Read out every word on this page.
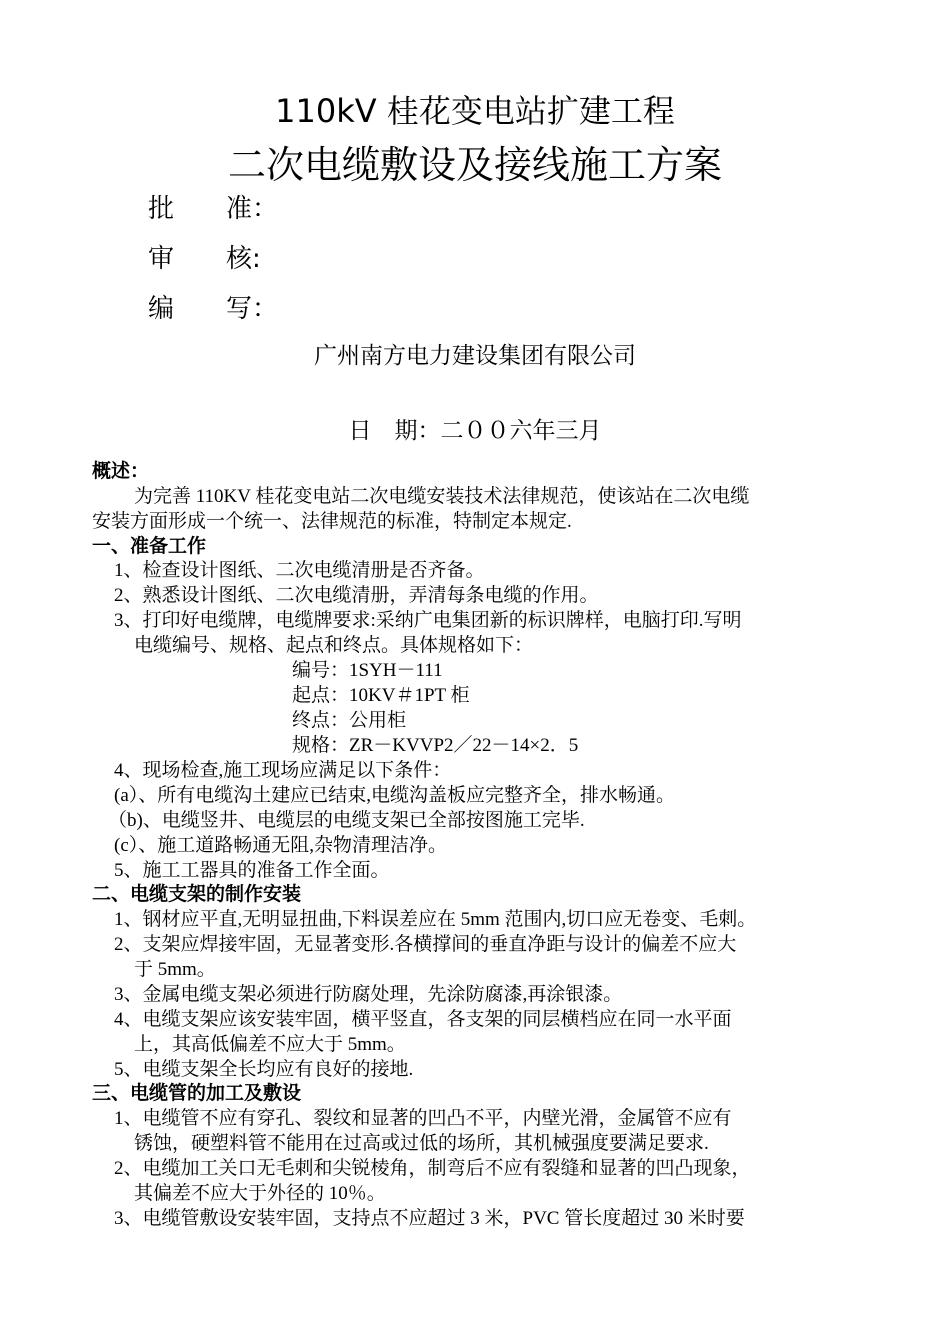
110kV 桂花变电站扩建工程
二次电缆敷设及接线施工方案
批　　准：
审　　核:
编　　写：
广州南方电力建设集团有限公司
日　期：二００六年三月
概述：
为完善 110KV 桂花变电站二次电缆安装技术法律规范，使该站在二次电缆
安装方面形成一个统一、法律规范的标准，特制定本规定.
一、准备工作
1、检查设计图纸、二次电缆清册是否齐备。
2、熟悉设计图纸、二次电缆清册，弄清每条电缆的作用。
3、打印好电缆牌，电缆牌要求:采纳广电集团新的标识牌样，电脑打印.写明
电缆编号、规格、起点和终点。具体规格如下：
编号：1SYH－111
起点：10KV＃1PT 柜
终点：公用柜
规格：ZR－KVVP2／22－14×2．5
4、现场检查,施工现场应满足以下条件：
(a）、所有电缆沟土建应已结束,电缆沟盖板应完整齐全，排水畅通。
（b)、电缆竖井、电缆层的电缆支架已全部按图施工完毕.
(c）、施工道路畅通无阻,杂物清理洁净。
5、施工工器具的准备工作全面。
二、电缆支架的制作安装
1、钢材应平直,无明显扭曲,下料误差应在 5mm 范围内,切口应无卷变、毛刺。
2、支架应焊接牢固，无显著变形.各横撑间的垂直净距与设计的偏差不应大
于 5mm。
3、金属电缆支架必须进行防腐处理，先涂防腐漆,再涂银漆。
4、电缆支架应该安装牢固，横平竖直，各支架的同层横档应在同一水平面
上，其高低偏差不应大于 5mm。
5、电缆支架全长均应有良好的接地.
三、电缆管的加工及敷设
1、电缆管不应有穿孔、裂纹和显著的凹凸不平，内壁光滑，金属管不应有
锈蚀，硬塑料管不能用在过高或过低的场所，其机械强度要满足要求.
2、电缆加工关口无毛刺和尖锐棱角，制弯后不应有裂缝和显著的凹凸现象，
其偏差不应大于外径的 10％。
3、电缆管敷设安装牢固，支持点不应超过 3 米，PVC 管长度超过 30 米时要
